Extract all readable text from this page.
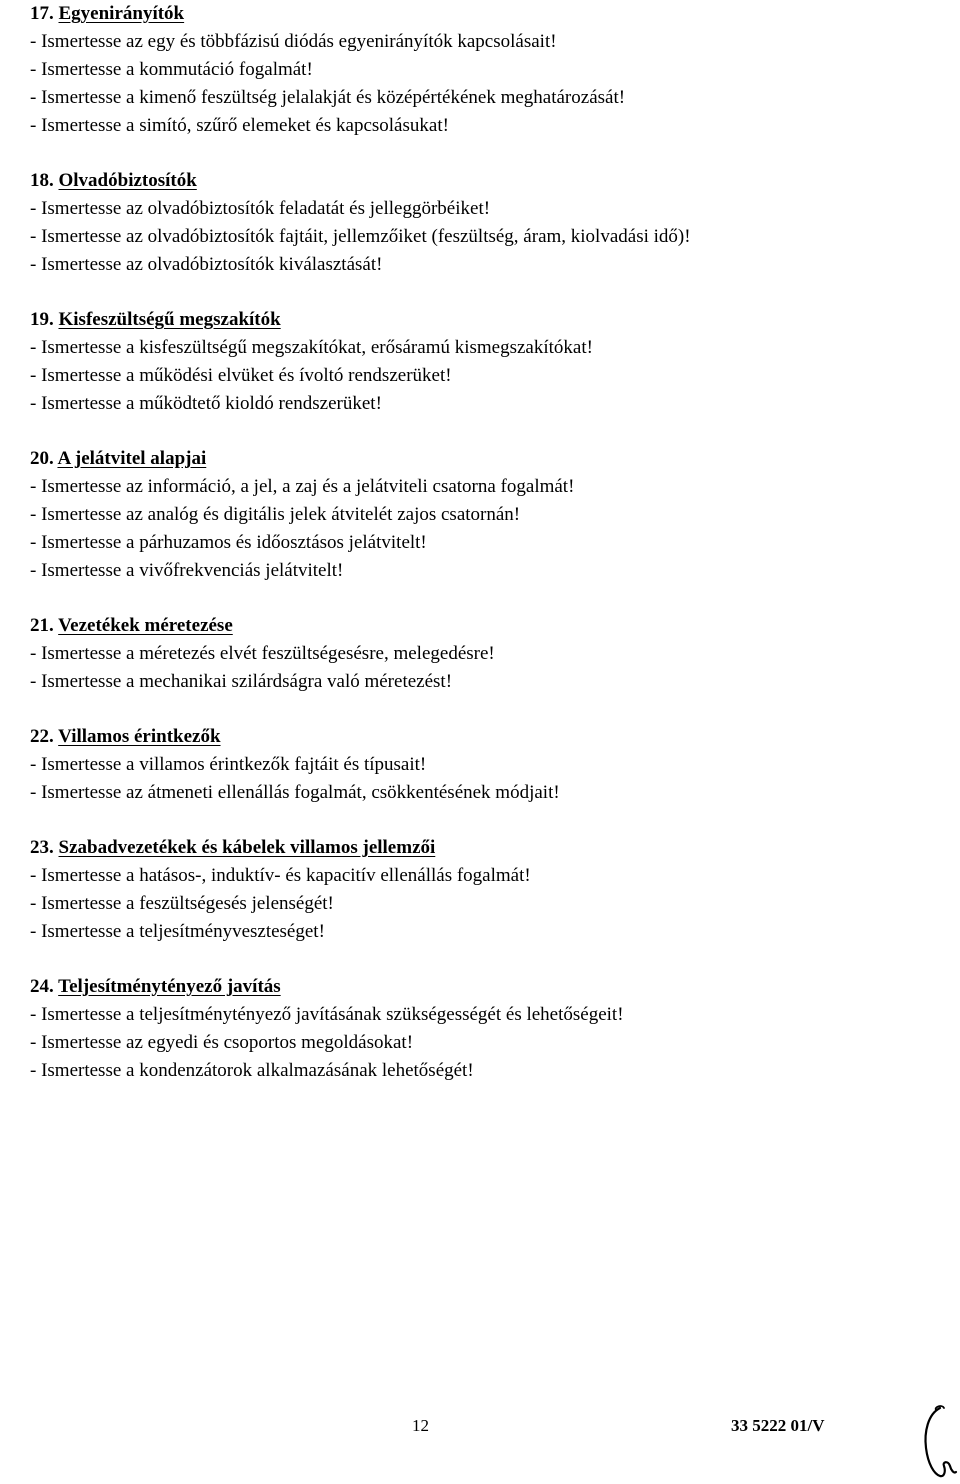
17. Egyenirányítók
- Ismertesse az egy és többfázisú diódás egyenirányítók kapcsolásait!
- Ismertesse a kommutáció fogalmát!
- Ismertesse a kimenő feszültség jelalakját és középértékének meghatározását!
- Ismertesse a simító, szűrő elemeket és kapcsolásukat!
18. Olvadóbiztosítók
- Ismertesse az olvadóbiztosítók feladatát és jelleggörbéiket!
- Ismertesse az olvadóbiztosítók fajtáit, jellemzőiket (feszültség, áram, kiolvadási idő)!
- Ismertesse az olvadóbiztosítók kiválasztását!
19. Kisfeszültségű megszakítók
- Ismertesse a kisfeszültségű megszakítókat, erősáramú kismegszakítókat!
- Ismertesse a működési elvüket és ívoltó rendszerüket!
- Ismertesse a működtető kioldó rendszerüket!
20. A jelátvitel alapjai
- Ismertesse az információ, a jel, a zaj és a jelátviteli csatorna fogalmát!
- Ismertesse az analóg és digitális jelek átvitelét zajos csatornán!
- Ismertesse a párhuzamos és időosztásos jelátvitelt!
- Ismertesse a vivőfrekvenciás jelátvitelt!
21. Vezetékek méretezése
- Ismertesse a méretezés elvét feszültségesésre, melegedésre!
- Ismertesse a mechanikai szilárdságra való méretezést!
22. Villamos érintkezők
- Ismertesse a villamos érintkezők fajtáit és típusait!
- Ismertesse az átmeneti ellenállás fogalmát, csökkentésének módjait!
23. Szabadvezetékek és kábelek villamos jellemzői
- Ismertesse a hatásos-, induktív- és kapacitív ellenállás fogalmát!
- Ismertesse a feszültségesés jelenségét!
- Ismertesse a teljesítményveszteséget!
24. Teljesítménytényező javítás
- Ismertesse a teljesítménytényező javításának szükségességét és lehetőségeit!
- Ismertesse az egyedi és csoportos megoldásokat!
- Ismertesse a kondenzátorok alkalmazásának lehetőségét!
12	33 5222 01/V
